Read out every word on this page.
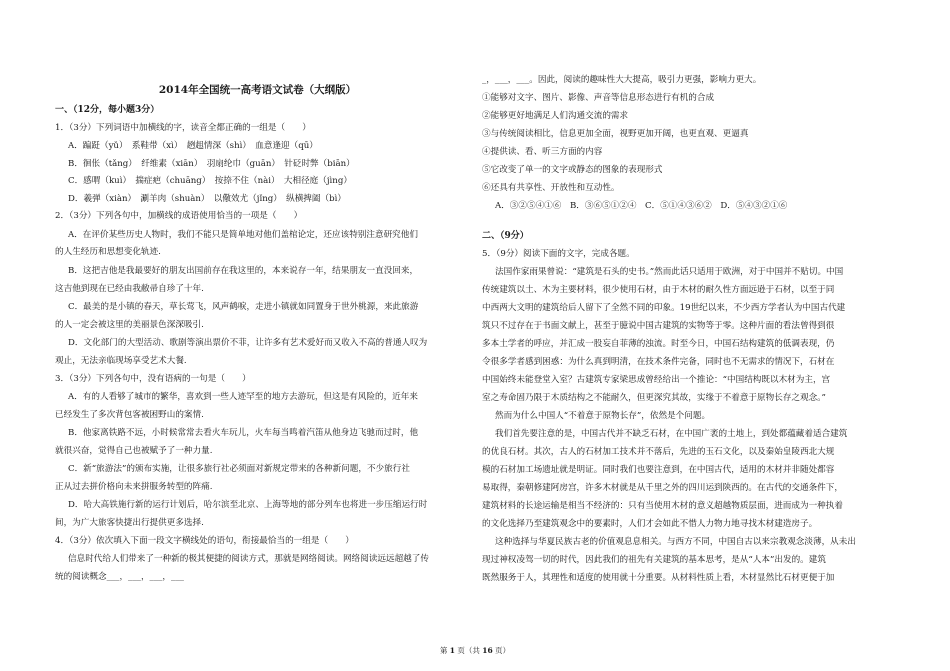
2014年全国统一高考语文试卷（大纲版）
一、（12分，每小题3分）
1．（3分）下列词语中加横线的字，读音全都正确的一组是（　　）
A．蹁跹（yǔ）　系鞋带（xì）　趔趄情深（shì）　血意逢迎（qū）
B．徊伥（tǎng）　纤维素（xiān）　羽扇纶巾（guān）　针砭时弊（biān）
C．感喟（kuì）　揣症疤（chuāng）　按捺不住（nài）　大相径庭（jìng）
D．羲弹（xiàn）　涮羊肉（shuàn）　以儆效尤（jǐng）　纵横捭阖（bì）
2．（3分）下列各句中，加横线的成语使用恰当的一项是（　　）
A．在评价某些历史人物时，我们不能只是简单地对他们盖棺论定，还应该特别注意研究他们
的人生经历和思想变化轨迹.
B．这把吉他是我最要好的朋友出国前存在我这里的，本来说存一年，结果朋友一直没回来，
这吉他到现在已经由我敝帚自珍了十年.
C．最美的是小镇的春天，草长莺飞，风声鹤唳，走进小镇就如同置身于世外桃源，来此旅游
的人一定会被这里的美丽景色深深吸引.
D．文化部门的大型活动、歌剧等演出票价不菲，让许多有艺术爱好而又收入不高的普通人叹为
观止，无法亲临现场享受艺术大餐.
3．（3分）下列各句中，没有语病的一句是（　　）
A．有的人看够了城市的繁华，喜欢到一些人迹罕至的地方去游玩，但这是有风险的，近年来
已经发生了多次背包客被困野山的案情.
B．他家离铁路不远，小时候常常去看火车玩儿，火车每当鸣着汽笛从他身边飞驰而过时，他
就很兴奋，觉得自己也被赋予了一种力量.
C．新“旅游法”的颁布实施，让很多旅行社必须面对新规定带来的各种新问题，不少旅行社
正从过去拼价格向未来拼服务转型的阵痛.
D．哈大高铁施行新的运行计划后，哈尔滨至北京、上海等地的部分列车也将进一步压缩运行时
间，为广大旅客快捷出行提供更多选择.
4．（3分）依次填入下面一段文字横线处的语句，衔接最恰当的一组是（　　）
信息时代给人们带来了一种新的极其便捷的阅读方式，那就是网络阅读。网络阅读远远超越了传
统的阅读概念___，___，___，___
_，___，___。因此，阅读的趣味性大大提高，吸引力更强，影响力更大。
①能够对文字、图片、影像、声音等信息形态进行有机的合成
②能够更好地满足人们沟通交流的需求
③与传统阅读相比，信息更加全面，视野更加开阔，也更直观、更逼真
④提供读、看、听三方面的内容
⑤它改变了单一的文字或静态的图象的表现形式
⑥还具有共享性、开放性和互动性。
A．③②⑤④①⑥　B．③⑥⑤①②④　C．⑤①④③⑥②　D．⑤④③②①⑥
二、（9分）
5．（9分）阅读下面的文字，完成各题。
法国作家雨果曾说：“建筑是石头的史书。”然而此话只适用于欧洲，对于中国并不贴切。中国
传统建筑以土、木为主要材料，很少使用石材，由于木材的耐久性方面远逊于石材，以至于同
中西两大文明的建筑给后人留下了全然不同的印象。19世纪以来，不少西方学者认为中国古代建
筑只不过存在于书面文献上，甚至于臆说中国古建筑的实物等于零。这种片面的看法曾得到很
多本土学者的呼应，并汇成一股妄自菲薄的浊流。时至今日，中国石结构建筑的低调表现，仍
令很多学者感到困惑：为什么真到明清，在技术条件完备，同时也不无需求的情况下，石材在
中国始终未能登堂入室？古建筑专家梁思成曾经给出一个推论：“中国结构既以木材为主，宫
室之寿命固乃限于木质结构之不能耐久，但更深究其故，实缘于不着意于原物长存之观念。”
然而为什么中国人“不着意于原物长存”，依然是个问题。
我们首先要注意的是，中国古代并不缺乏石材，在中国广袤的土地上，到处都蕴藏着适合建筑
的优良石材。其次，古人的石材加工技术并不落后，先进的玉石文化，以及秦始皇陵西北大规
模的石材加工场遗址就是明证。同时我们也要注意到，在中国古代，适用的木材并非随处都容
易取得，秦朝修建阿房宫，许多木材就是从千里之外的四川运到陕西的。在古代的交通条件下，
建筑材料的长途运输是相当不经济的：只有当使用木材的意义超越物质层面，进而成为一种执着
的文化选择乃至建筑观念中的要素时，人们才会如此不惜人力物力地寻找木材建造房子。
这种选择与华夏民族古老的价值观息息相关。与西方不同，中国自古以来宗教观念淡薄，从未出
现过神权凌驾一切的时代，因此我们的祖先有关建筑的基本思考，是从“人本”出发的。建筑
既然服务于人，其理性和适度的使用就十分重要。从材料性质上看，木材显然比石材更便于加
第 1 页（共 16 页）
